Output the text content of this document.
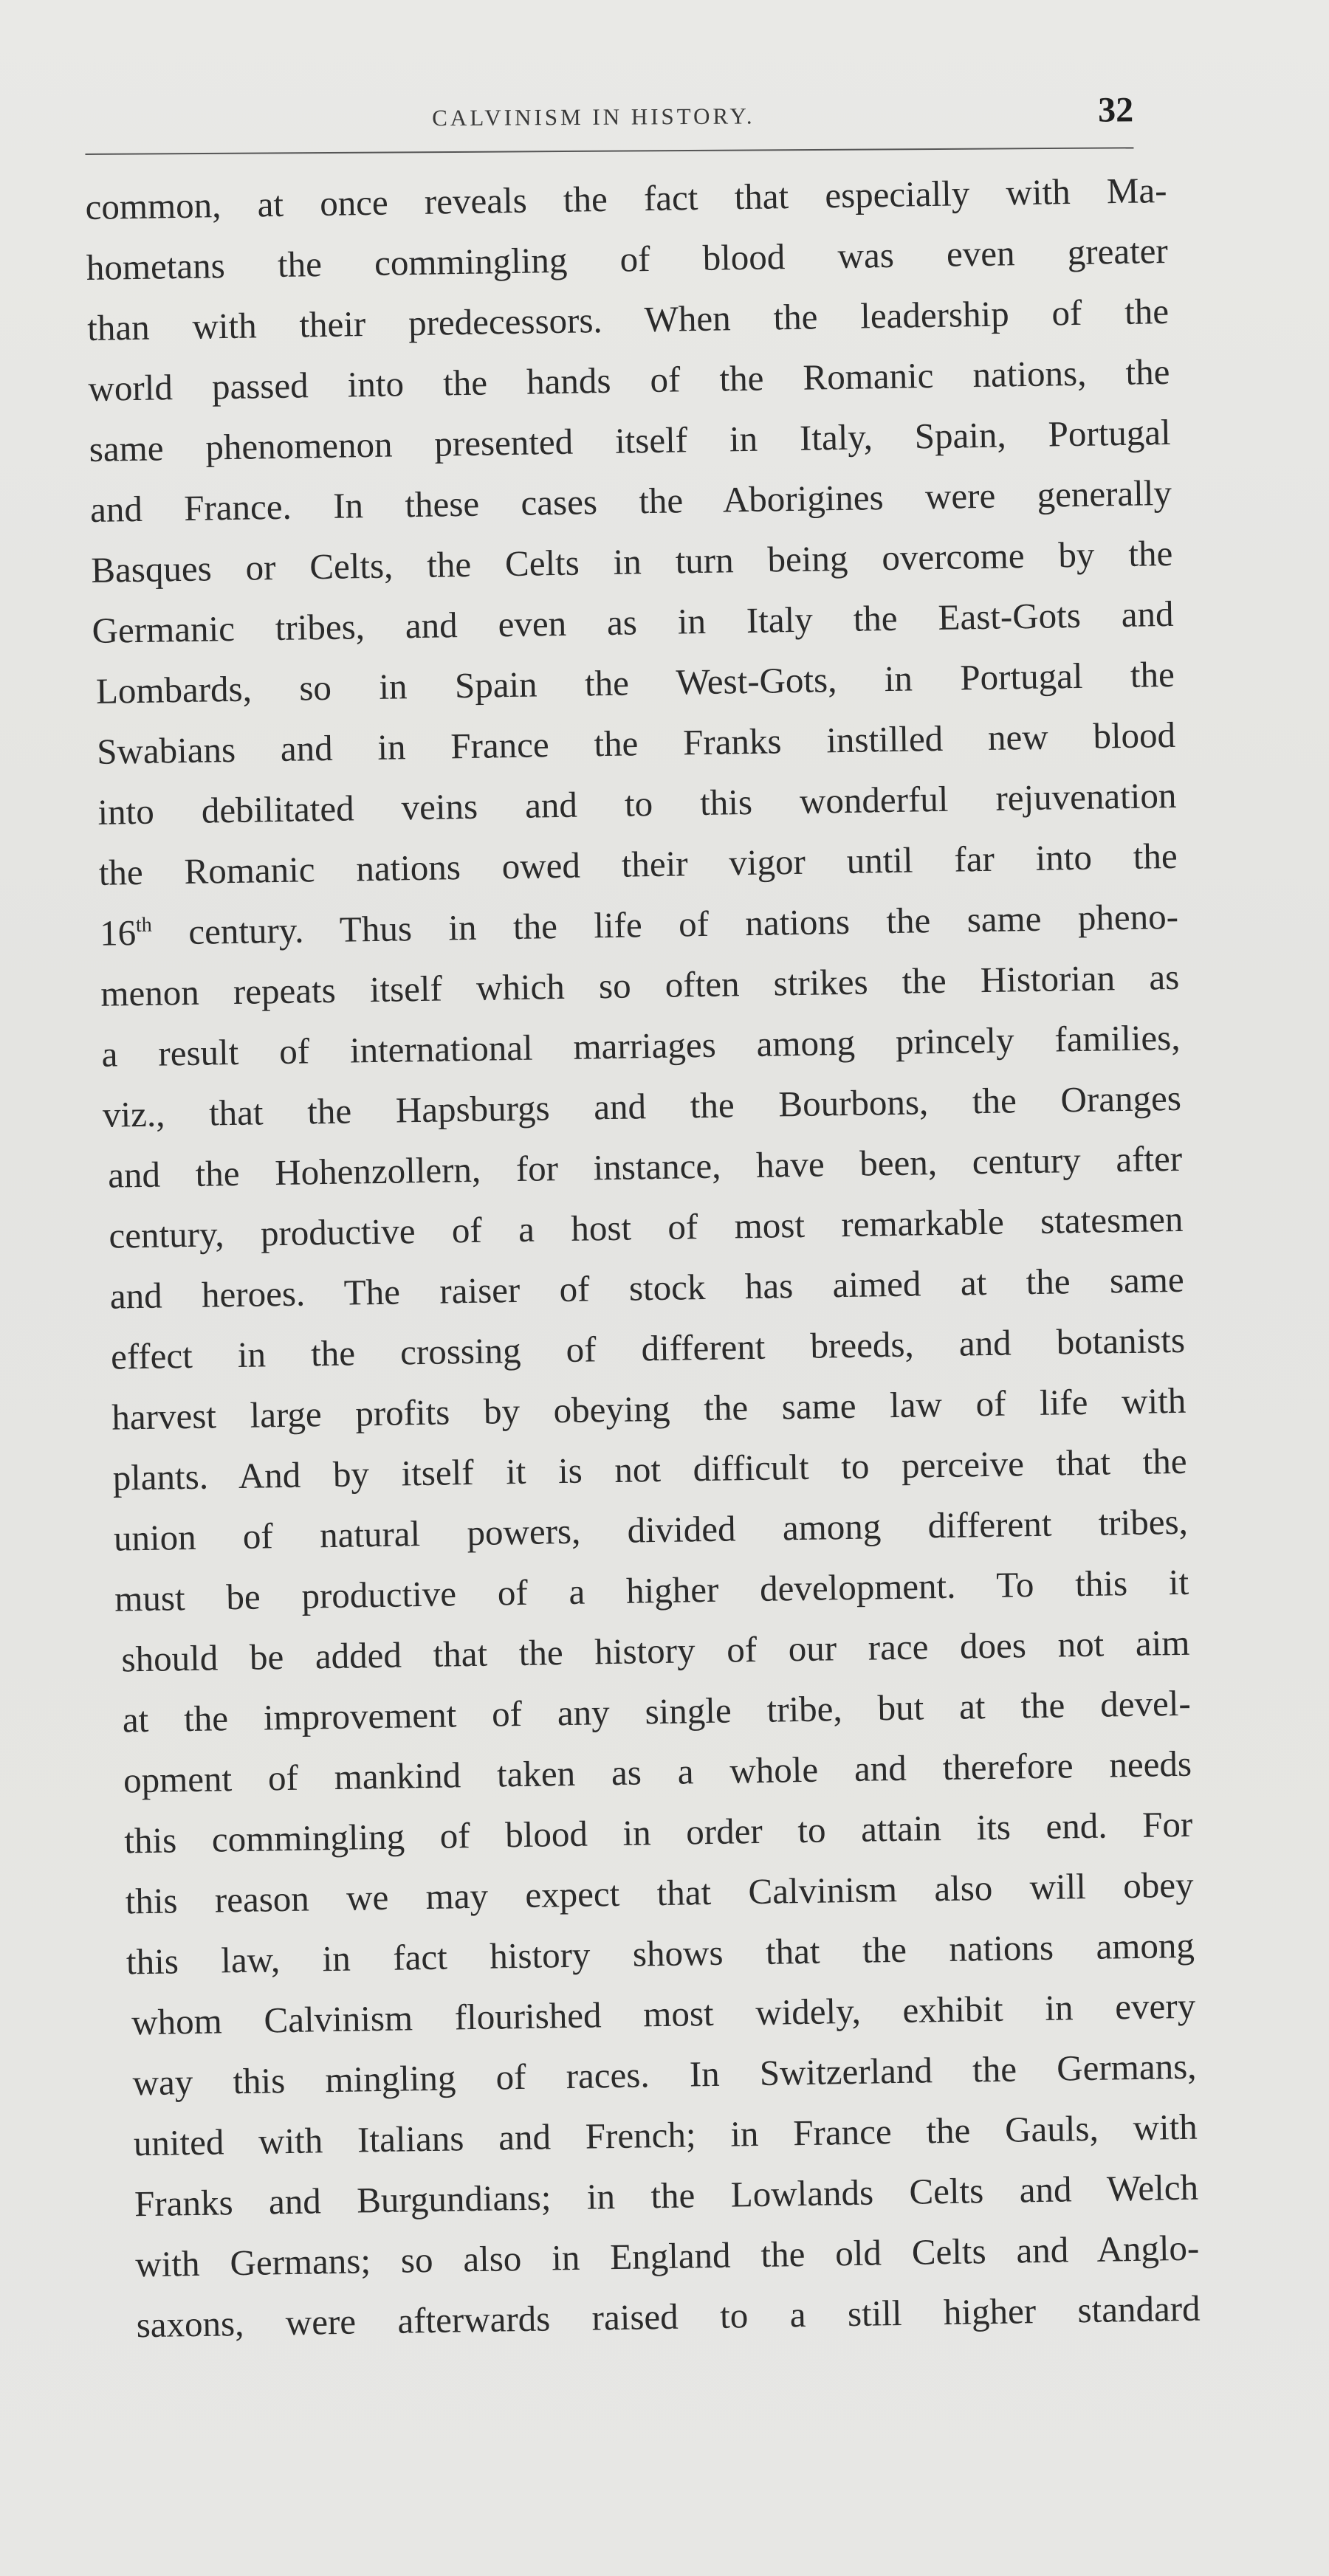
CALVINISM IN HISTORY.	32
common, at once reveals the fact that especially with Ma-
hometans the commingling of blood was even greater
than with their predecessors. When the leadership of the
world passed into the hands of the Romanic nations, the
same phenomenon presented itself in Italy, Spain, Portugal
and France. In these cases the Aborigines were generally
Basques or Celts, the Celts in turn being overcome by the
Germanic tribes, and even as in Italy the East-Gots and
Lombards, so in Spain the West-Gots, in Portugal the
Swabians and in France the Franks instilled new blood
into debilitated veins and to this wonderful rejuvenation
the Romanic nations owed their vigor until far into the
16th century. Thus in the life of nations the same pheno-
menon repeats itself which so often strikes the Historian as
a result of international marriages among princely families,
viz., that the Hapsburgs and the Bourbons, the Oranges
and the Hohenzollern, for instance, have been, century after
century, productive of a host of most remarkable statesmen
and heroes. The raiser of stock has aimed at the same
effect in the crossing of different breeds, and botanists
harvest large profits by obeying the same law of life with
plants. And by itself it is not difficult to perceive that the
union of natural powers, divided among different tribes,
must be productive of a higher development. To this it
should be added that the history of our race does not aim
at the improvement of any single tribe, but at the devel-
opment of mankind taken as a whole and therefore needs
this commingling of blood in order to attain its end. For
this reason we may expect that Calvinism also will obey
this law, in fact history shows that the nations among
whom Calvinism flourished most widely, exhibit in every
way this mingling of races. In Switzerland the Germans,
united with Italians and French; in France the Gauls, with
Franks and Burgundians; in the Lowlands Celts and Welch
with Germans; so also in England the old Celts and Anglo-
saxons, were afterwards raised to a still higher standard
